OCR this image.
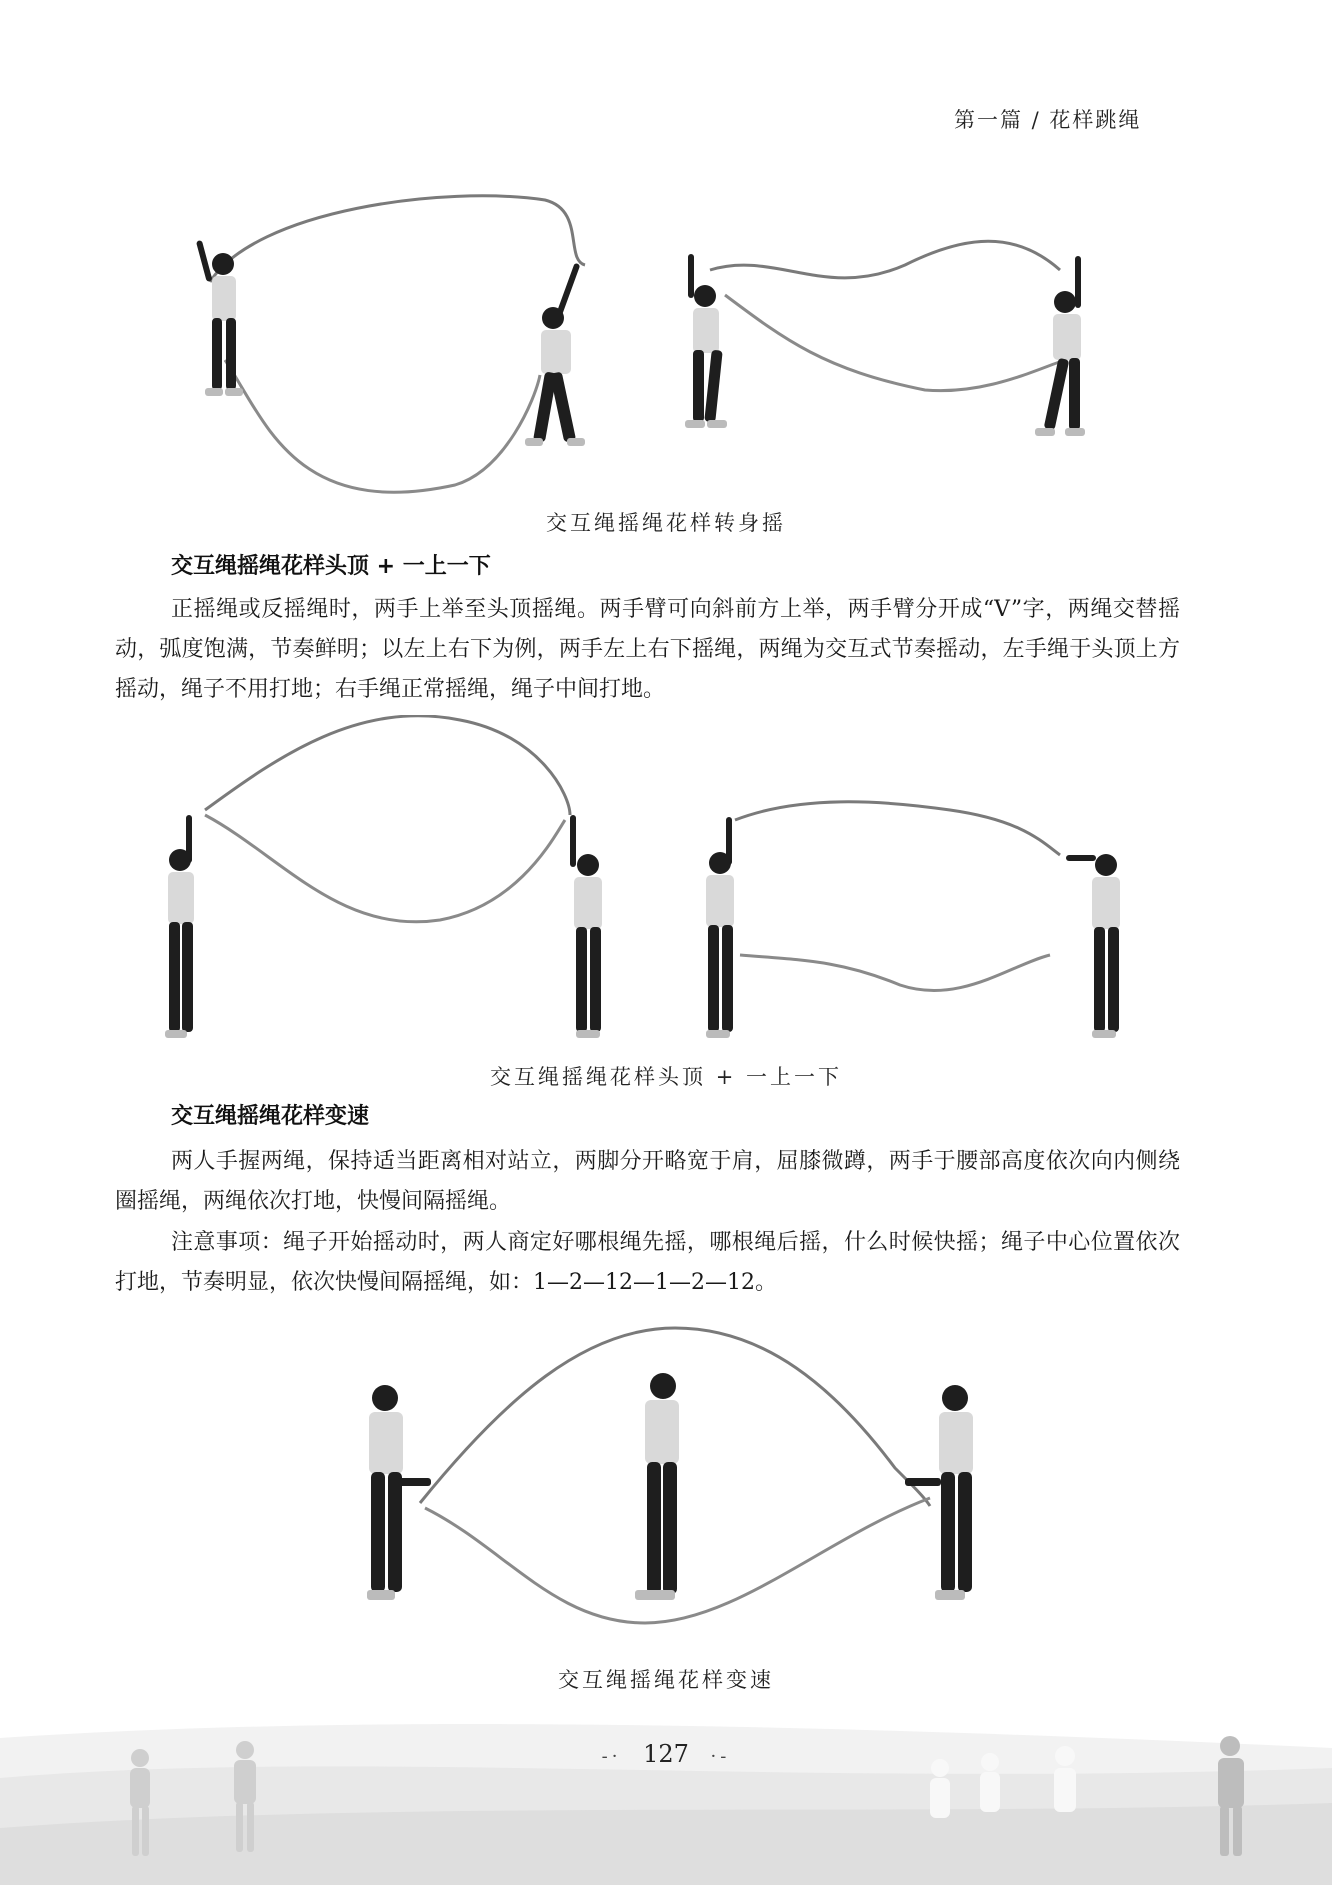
第一篇 / 花样跳绳
交互绳摇绳花样转身摇
交互绳摇绳花样头顶 + 一上一下

正摇绳或反摇绳时，两手上举至头顶摇绳。两手臂可向斜前方上举，两手臂分开成“V”字，两绳交替摇动，弧度饱满，节奏鲜明；以左上右下为例，两手左上右下摇绳，两绳为交互式节奏摇动，左手绳于头顶上方摇动，绳子不用打地；右手绳正常摇绳，绳子中间打地。

交互绳摇绳花样头顶 + 一上一下
交互绳摇绳花样变速

两人手握两绳，保持适当距离相对站立，两脚分开略宽于肩，屈膝微蹲，两手于腰部高度依次向内侧绕圈摇绳，两绳依次打地，快慢间隔摇绳。

注意事项：绳子开始摇动时，两人商定好哪根绳先摇，哪根绳后摇，什么时候快摇；绳子中心位置依次打地，节奏明显，依次快慢间隔摇绳，如：1—2—12—1—2—12。

交互绳摇绳花样变速
-· 127 ·-
